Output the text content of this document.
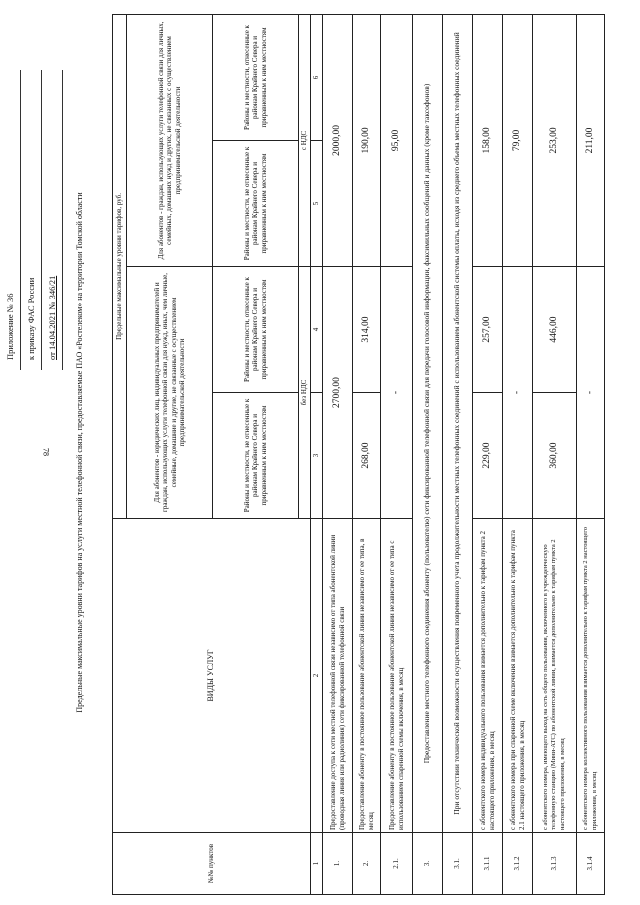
78
Приложение № 36	к приказу ФАС России	от 14.04.2021 № 346/21	Предельные максимальные уровни тарифов на услуги местной телефонной связи, предоставляемые ПАО «Ростелеком» на территории Томской области
№№ пунктов	ВИДЫ УСЛУГ	Предельные максимальные уровни тарифов, руб.			
		Для абонентов - юридических лиц, индивидуальных предпринимателей и граждан, использующих услуги телефонной связи для нужд, иных, чем личные, семейные, домашние и другие, не связанные с осуществлением предпринимательской деятельности		Для абонентов - граждан, использующих услуги телефонной связи для личных, семейных, домашних нужд и других, не связанных с осуществлением предпринимательской деятельности	
		Районы и местности, не отнесенные к районам Крайнего Севера и приравненным к ним местностям	Районы и местности, отнесенные к районам Крайнего Севера и приравненным к ним местностям	Районы и местности, не отнесенные к районам Крайнего Севера и приравненным к ним местностям	Районы и местности, отнесенные к районам Крайнего Севера и приравненным к ним местностям
		без НДС		с НДС	
1	2	3	4	5	6
1.	Предоставление доступа к сети местной телефонной связи независимо от типа абонентской линии (проводная линия или радиолиния) сети фиксированной телефонной связи	2700,00		2000,00	
2.	Предоставление абоненту в постоянное пользование абонентской линии независимо от ее типа, в месяц	268,00	314,00	190,00	
2.1.	Предоставление абоненту в постоянное пользование абонентской линии независимо от ее типа с использованием спаренной схемы включения, в месяц	-		95,00	
3.	Предоставление местного телефонного соединения абоненту (пользователю) сети фиксированной телефонной связи для передачи голосовой информации, факсимильных сообщений и данных (кроме таксофонов)				
3.1.	При отсутствии технической возможности осуществления повременного учета продолжительности местных телефонных соединений с использованием абонентской системы оплаты, исходя из среднего объема местных телефонных соединений				
3.1.1	с абонентского номера индивидуального пользования взимается дополнительно к тарифам пункта 2 настоящего приложения, в месяц	229,00	257,00	158,00	
3.1.2	с абонентского номера при спаренной схеме включения взимается дополнительно к тарифам пункта 2.1 настоящего приложения, в месяц	-		79,00	
3.1.3	с абонентского номера, имеющего выход на сеть общего пользования, включенного в учрежденческую телефонную станцию (Мини-АТС) по абонентской линии, взимается дополнительно к тарифам пункта 2 настоящего приложения, в месяц	360,00	446,00	253,00	
3.1.4	с абонентского номера коллективного пользования взимается дополнительно к тарифам пункта 2 настоящего приложения, в месяц	-		211,00	
